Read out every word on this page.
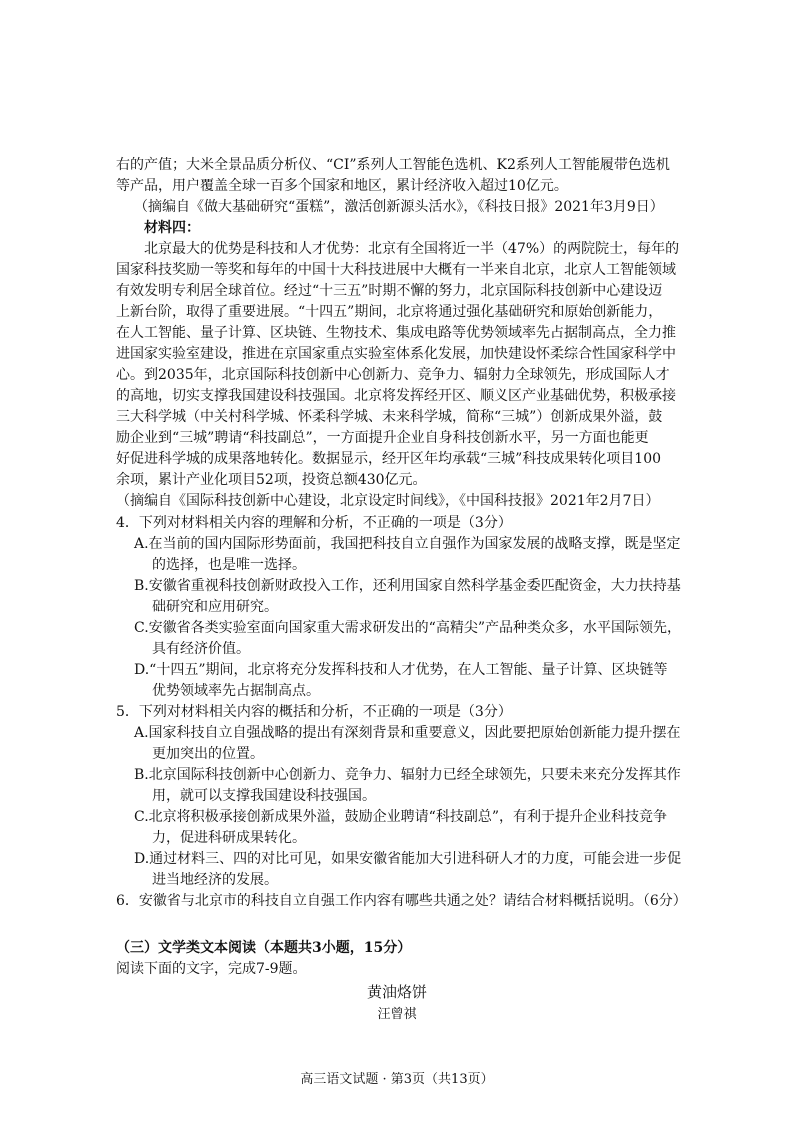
右的产值；大米全景品质分析仪、“CI”系列人工智能色选机、K2系列人工智能履带色选机
等产品，用户覆盖全球一百多个国家和地区，累计经济收入超过10亿元。
（摘编自《做大基础研究“蛋糕”，激活创新源头活水》，《科技日报》2021年3月9日）
材料四：
北京最大的优势是科技和人才优势：北京有全国将近一半（47%）的两院院士，每年的
国家科技奖励一等奖和每年的中国十大科技进展中大概有一半来自北京，北京人工智能领域
有效发明专利居全球首位。经过“十三五”时期不懈的努力，北京国际科技创新中心建设迈
上新台阶，取得了重要进展。“十四五”期间，北京将通过强化基础研究和原始创新能力，
在人工智能、量子计算、区块链、生物技术、集成电路等优势领域率先占据制高点，全力推
进国家实验室建设，推进在京国家重点实验室体系化发展，加快建设怀柔综合性国家科学中
心。到2035年，北京国际科技创新中心创新力、竞争力、辐射力全球领先，形成国际人才
的高地，切实支撑我国建设科技强国。北京将发挥经开区、顺义区产业基础优势，积极承接
三大科学城（中关村科学城、怀柔科学城、未来科学城，简称“三城”）创新成果外溢，鼓
励企业到“三城”聘请“科技副总”，一方面提升企业自身科技创新水平，另一方面也能更
好促进科学城的成果落地转化。数据显示，经开区年均承载“三城”科技成果转化项目100
余项，累计产业化项目52项，投资总额430亿元。
（摘编自《国际科技创新中心建设，北京设定时间线》，《中国科技报》2021年2月7日）
4．下列对材料相关内容的理解和分析，不正确的一项是（3分）
A.在当前的国内国际形势面前，我国把科技自立自强作为国家发展的战略支撑，既是坚定
的选择，也是唯一选择。
B.安徽省重视科技创新财政投入工作，还利用国家自然科学基金委匹配资金，大力扶持基
础研究和应用研究。
C.安徽省各类实验室面向国家重大需求研发出的“高精尖”产品种类众多，水平国际领先，
具有经济价值。
D.“十四五”期间，北京将充分发挥科技和人才优势，在人工智能、量子计算、区块链等
优势领域率先占据制高点。
5．下列对材料相关内容的概括和分析，不正确的一项是（3分）
A.国家科技自立自强战略的提出有深刻背景和重要意义，因此要把原始创新能力提升摆在
更加突出的位置。
B.北京国际科技创新中心创新力、竞争力、辐射力已经全球领先，只要未来充分发挥其作
用，就可以支撑我国建设科技强国。
C.北京将积极承接创新成果外溢，鼓励企业聘请“科技副总”，有利于提升企业科技竞争
力，促进科研成果转化。
D.通过材料三、四的对比可见，如果安徽省能加大引进科研人才的力度，可能会进一步促
进当地经济的发展。
6．安徽省与北京市的科技自立自强工作内容有哪些共通之处？请结合材料概括说明。（6分）
（三）文学类文本阅读（本题共3小题，15分）
阅读下面的文字，完成7-9题。
黄油烙饼
汪曾祺
高三语文试题 · 第3页（共13页）
